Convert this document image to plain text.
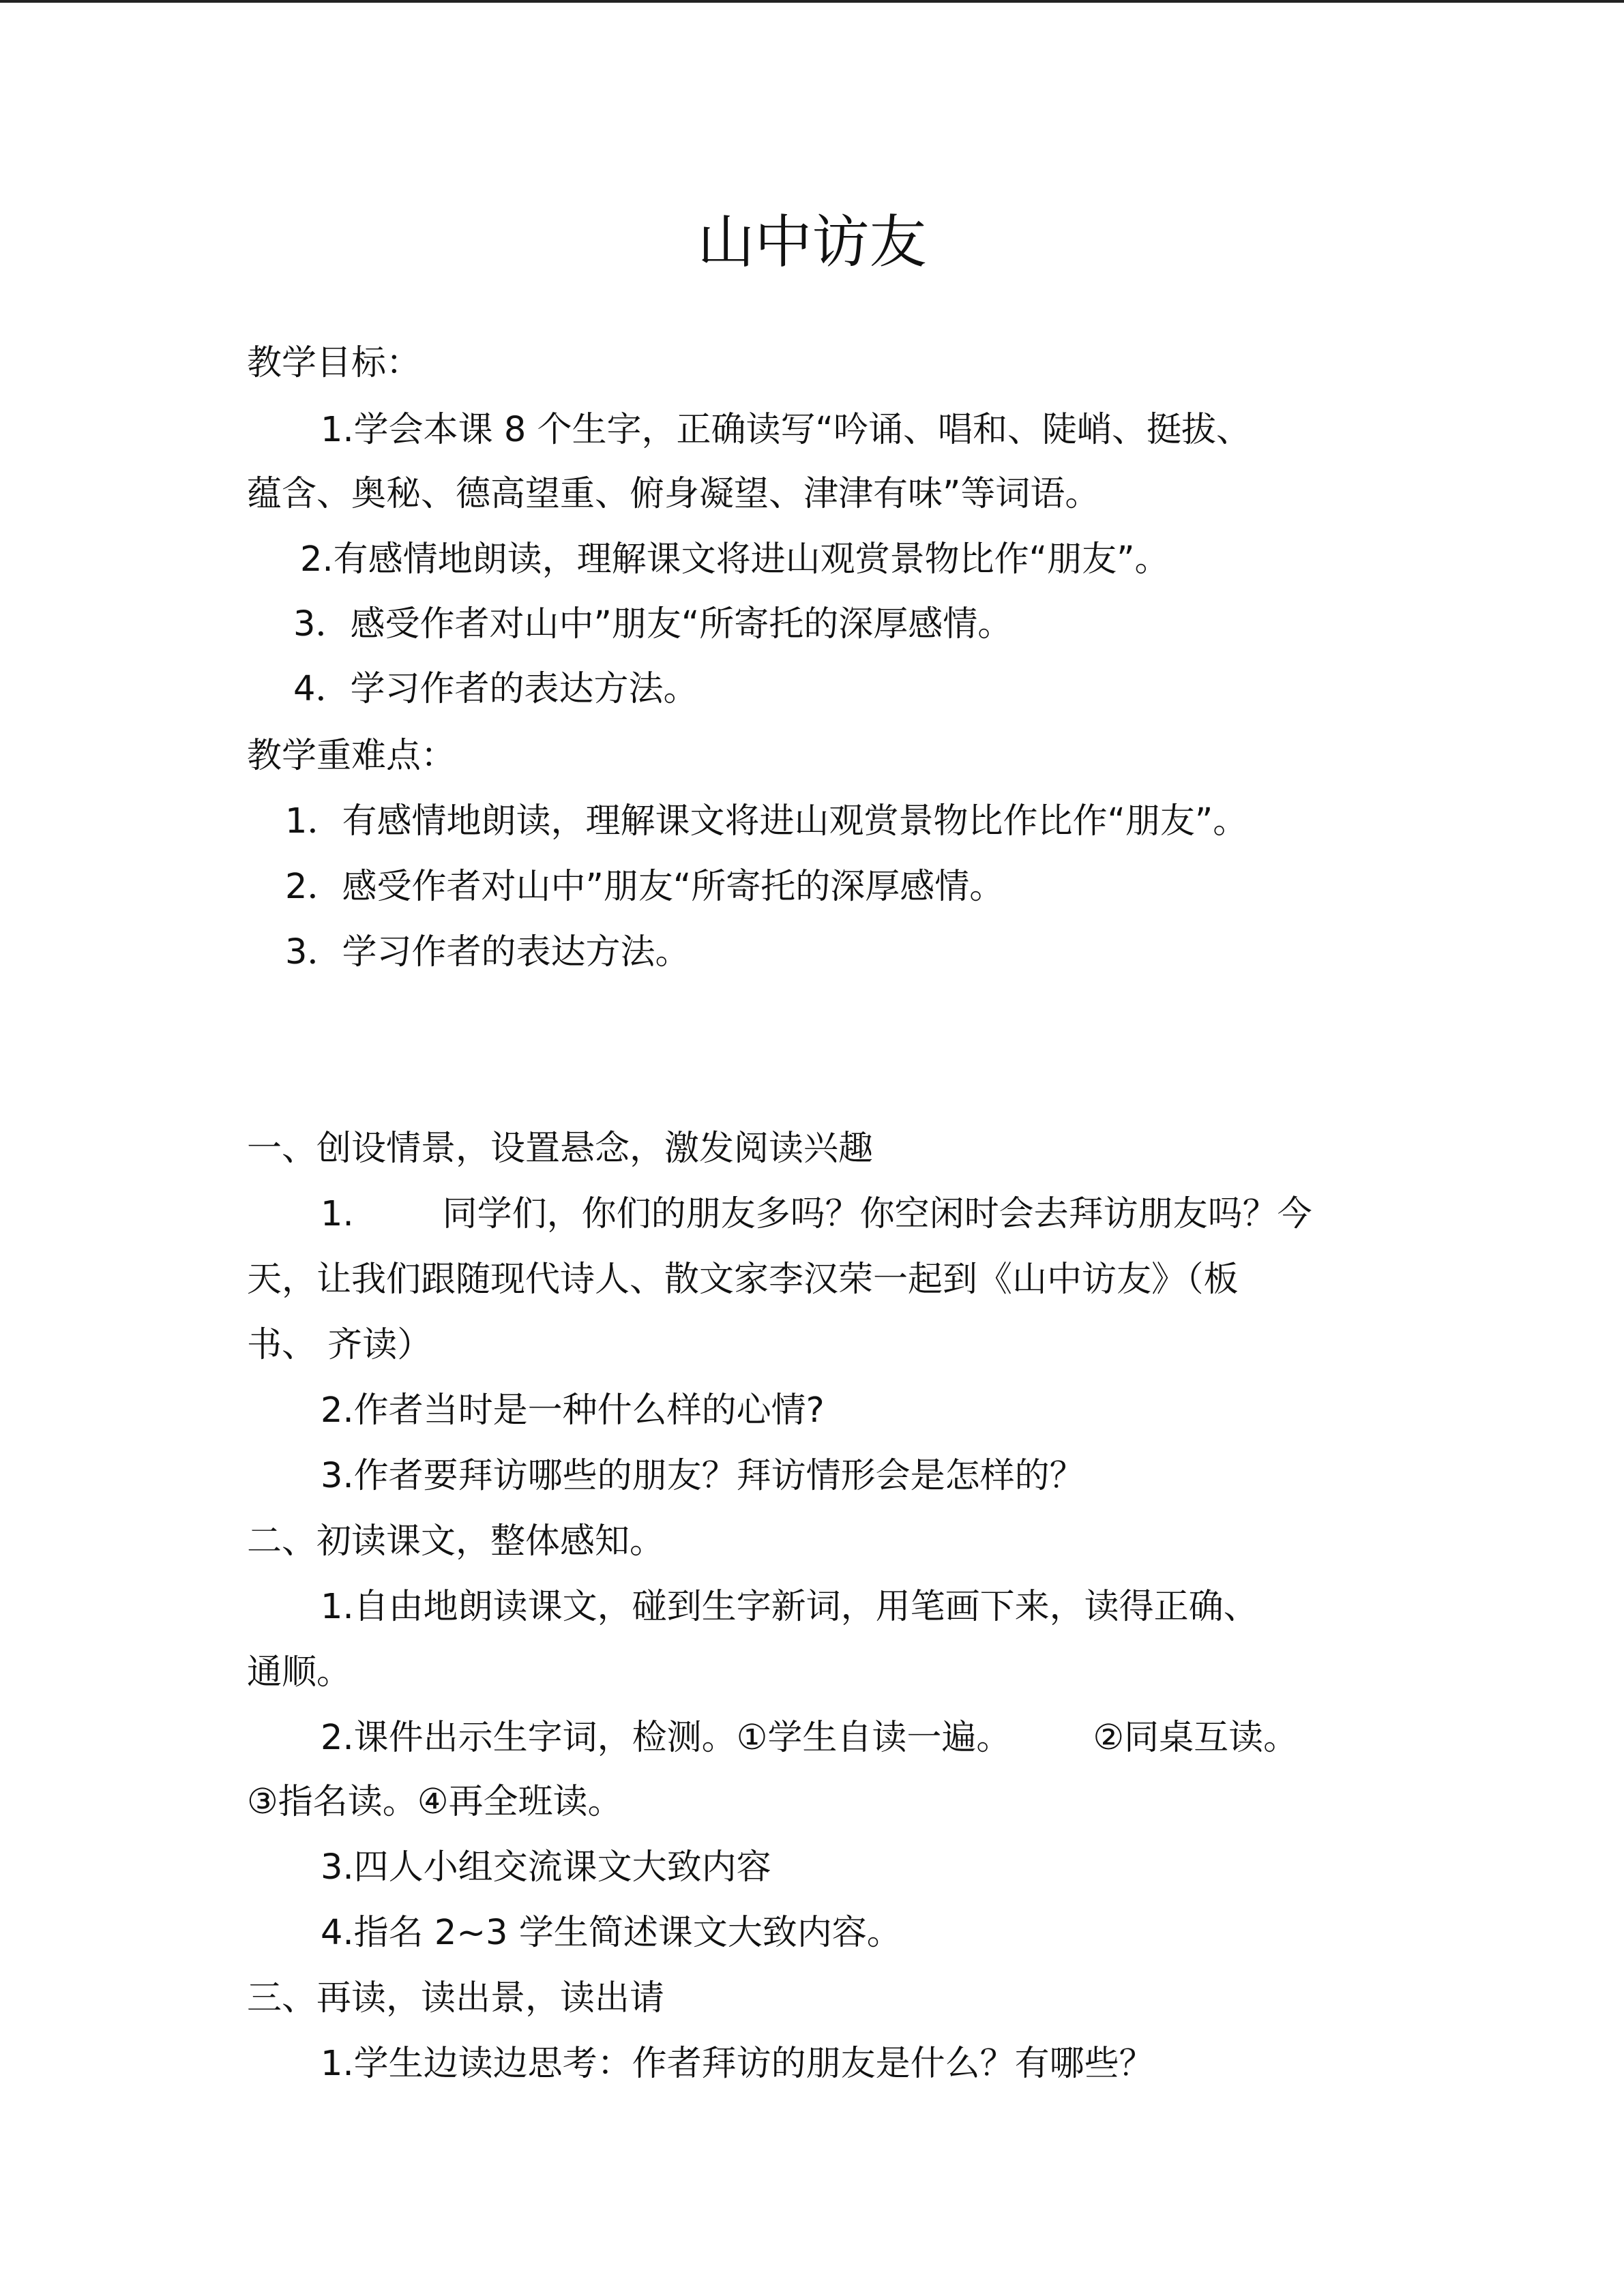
山中访友
教学目标：
1.学会本课 8 个生字，正确读写“吟诵、唱和、陡峭、挺拔、
蕴含、奥秘、德高望重、俯身凝望、津津有味”等词语。
2.有感情地朗读，理解课文将进山观赏景物比作“朋友”。
3．感受作者对山中”朋友“所寄托的深厚感情。
4．学习作者的表达方法。
教学重难点：
1．有感情地朗读，理解课文将进山观赏景物比作比作“朋友”。
2．感受作者对山中”朋友“所寄托的深厚感情。
3．学习作者的表达方法。
一、创设情景，设置悬念，激发阅读兴趣
1.	同学们，你们的朋友多吗？你空闲时会去拜访朋友吗？今
天，让我们跟随现代诗人、散文家李汉荣一起到《山中访友》（板
书、 齐读）
2.作者当时是一种什么样的心情?
3.作者要拜访哪些的朋友？拜访情形会是怎样的？
二、初读课文，整体感知。
1.自由地朗读课文，碰到生字新词，用笔画下来，读得正确、
通顺。
2.课件出示生字词，检测。①学生自读一遍。 ②同桌互读。
③指名读。④再全班读。
3.四人小组交流课文大致内容
4.指名 2~3 学生简述课文大致内容。
三、再读，读出景，读出请
1.学生边读边思考：作者拜访的朋友是什么？有哪些？
